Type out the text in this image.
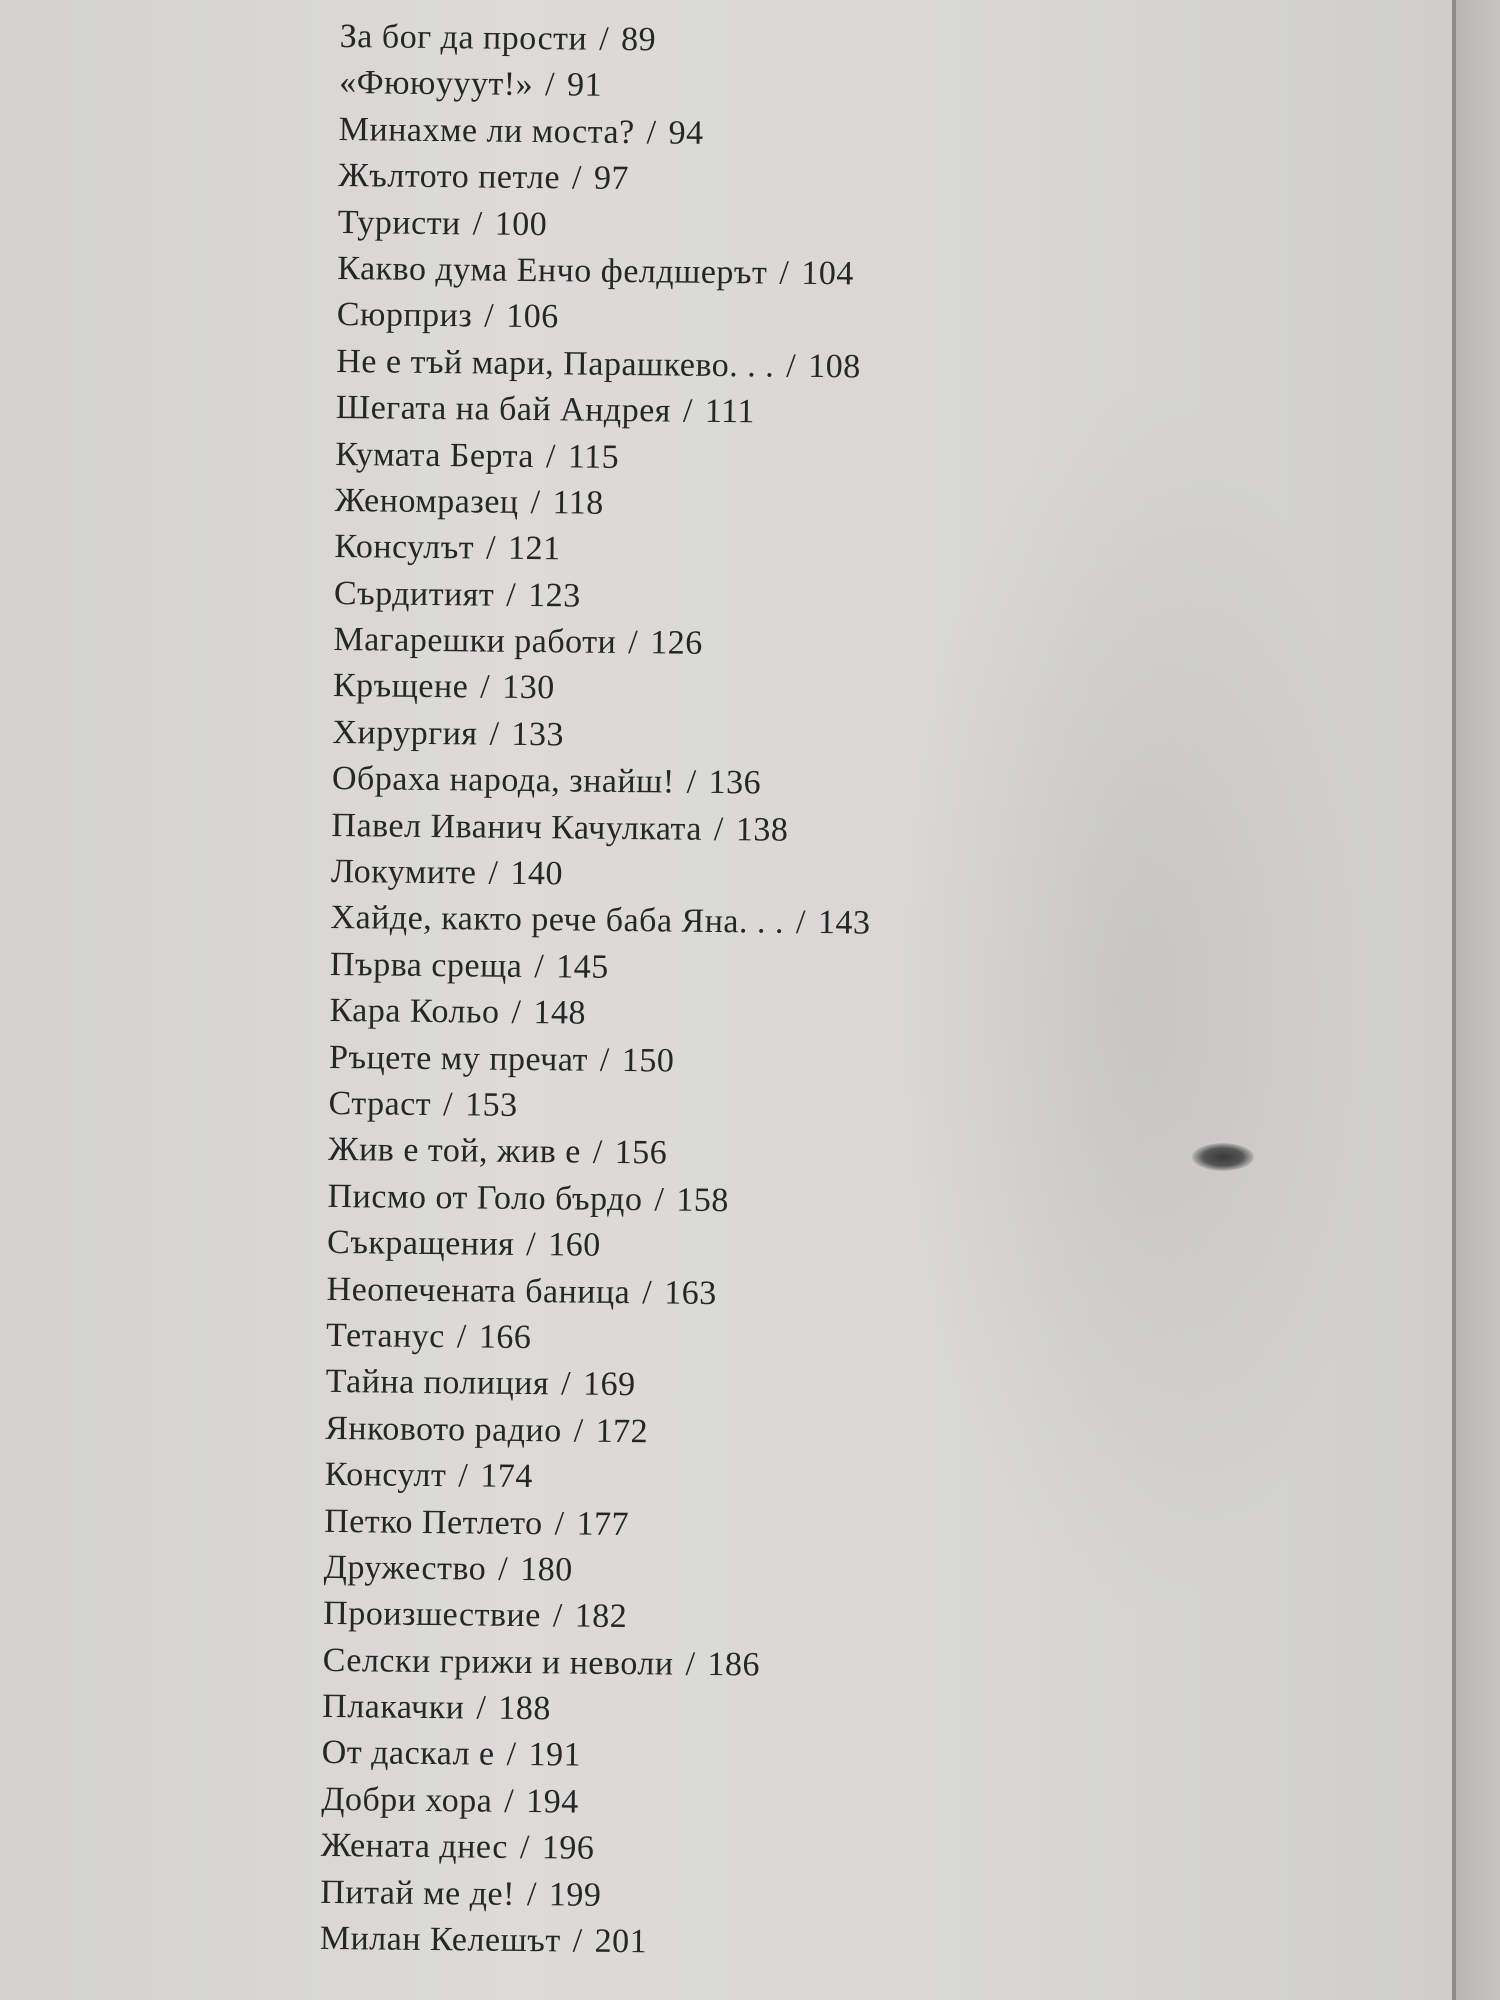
За бог да прости / 89
«Фююууут!» / 91
Минахме ли моста? / 94
Жълтото петле / 97
Туристи / 100
Какво дума Енчо фелдшерът / 104
Сюрприз / 106
Не е тъй мари, Парашкево. . . / 108
Шегата на бай Андрея / 111
Кумата Берта / 115
Женомразец / 118
Консулът / 121
Сърдитият / 123
Магарешки работи / 126
Кръщене / 130
Хирургия / 133
Обраха народа, знайш! / 136
Павел Иванич Качулката / 138
Локумите / 140
Хайде, както рече баба Яна. . . / 143
Първа среща / 145
Кара Кольо / 148
Ръцете му пречат / 150
Страст / 153
Жив е той, жив е / 156
Писмо от Голо бърдо / 158
Съкращения / 160
Неопечената баница / 163
Тетанус / 166
Тайна полиция / 169
Янковото радио / 172
Консулт / 174
Петко Петлето / 177
Дружество / 180
Произшествие / 182
Селски грижи и неволи / 186
Плакачки / 188
От даскал е / 191
Добри хора / 194
Жената днес / 196
Питай ме де! / 199
Милан Келешът / 201
